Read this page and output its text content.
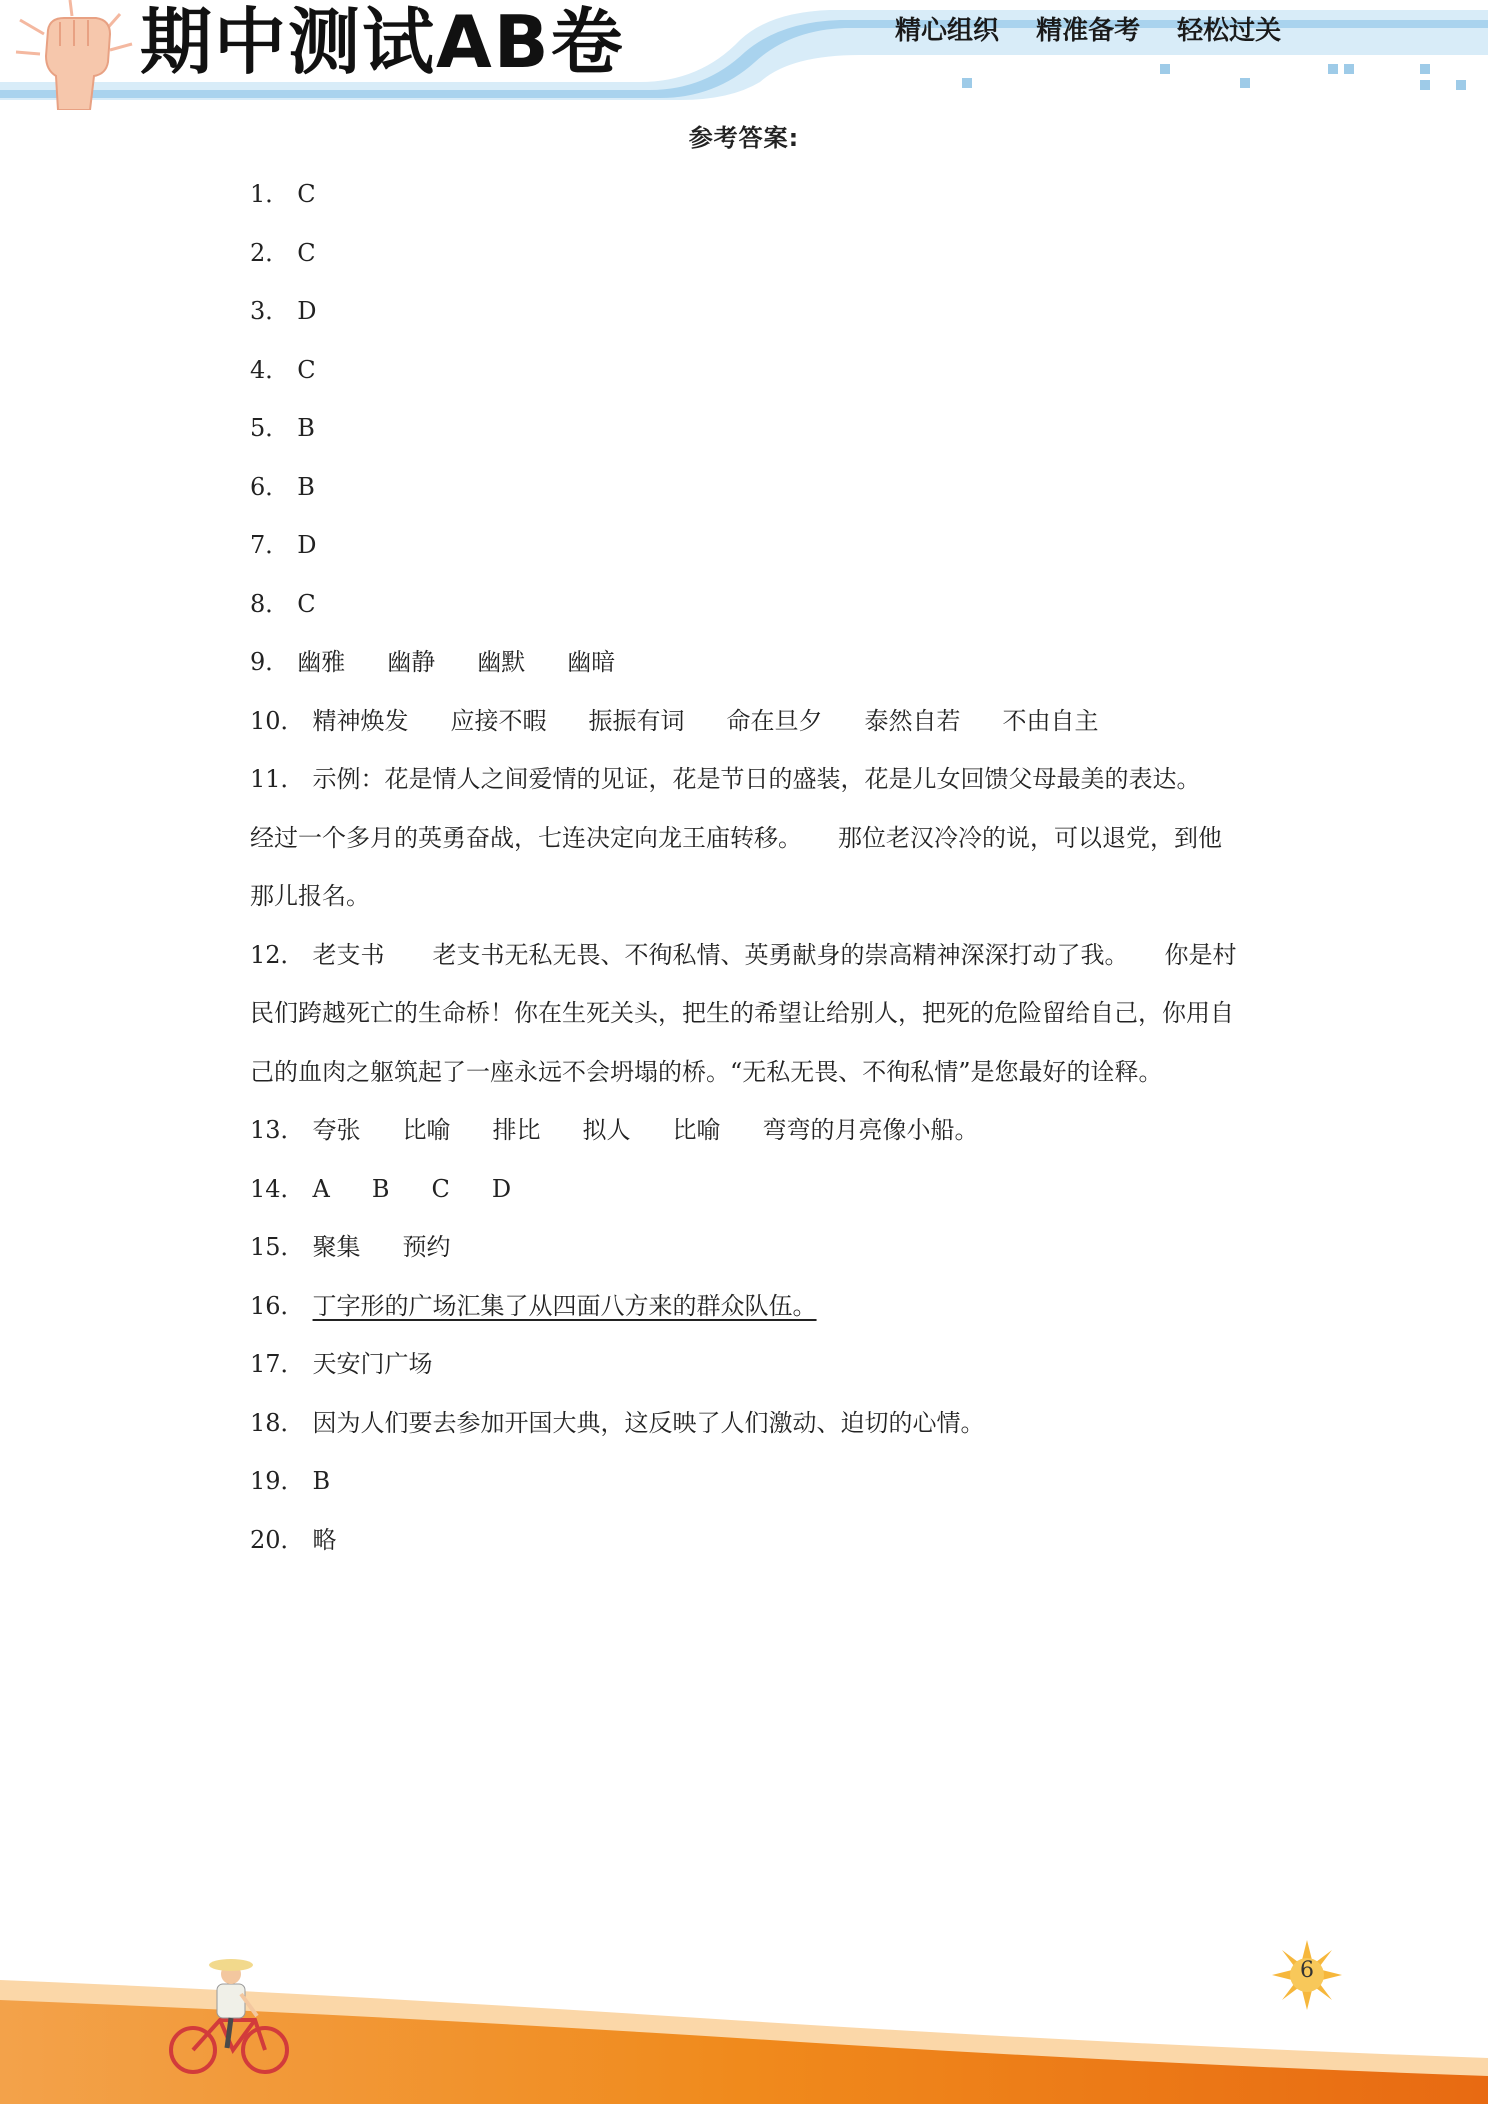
期中测试AB卷	精心组织 精准备考 轻松过关
参考答案:
1． C
2． C
3． D
4． C
5． B
6． B
7． D
8． C
9． 幽雅 幽静 幽默 幽暗
10． 精神焕发 应接不暇 振振有词 命在旦夕 泰然自若 不由自主
11． 示例：花是情人之间爱情的见证，花是节日的盛装，花是儿女回馈父母最美的表达。　　经过一个多月的英勇奋战，七连决定向龙王庙转移。　　那位老汉冷冷的说，可以退党，到他那儿报名。
12． 老支书　　老支书无私无畏、不徇私情、英勇献身的崇高精神深深打动了我。　　你是村民们跨越死亡的生命桥！你在生死关头，把生的希望让给别人，把死的危险留给自己，你用自己的血肉之躯筑起了一座永远不会坍塌的桥。“无私无畏、不徇私情”是您最好的诠释。
13． 夸张 比喻 排比 拟人 比喻 弯弯的月亮像小船。
14． A B C D
15． 聚集 预约
16． 丁字形的广场汇集了从四面八方来的群众队伍。
17． 天安门广场
18． 因为人们要去参加开国大典，这反映了人们激动、迫切的心情。
19． B
20． 略
6
